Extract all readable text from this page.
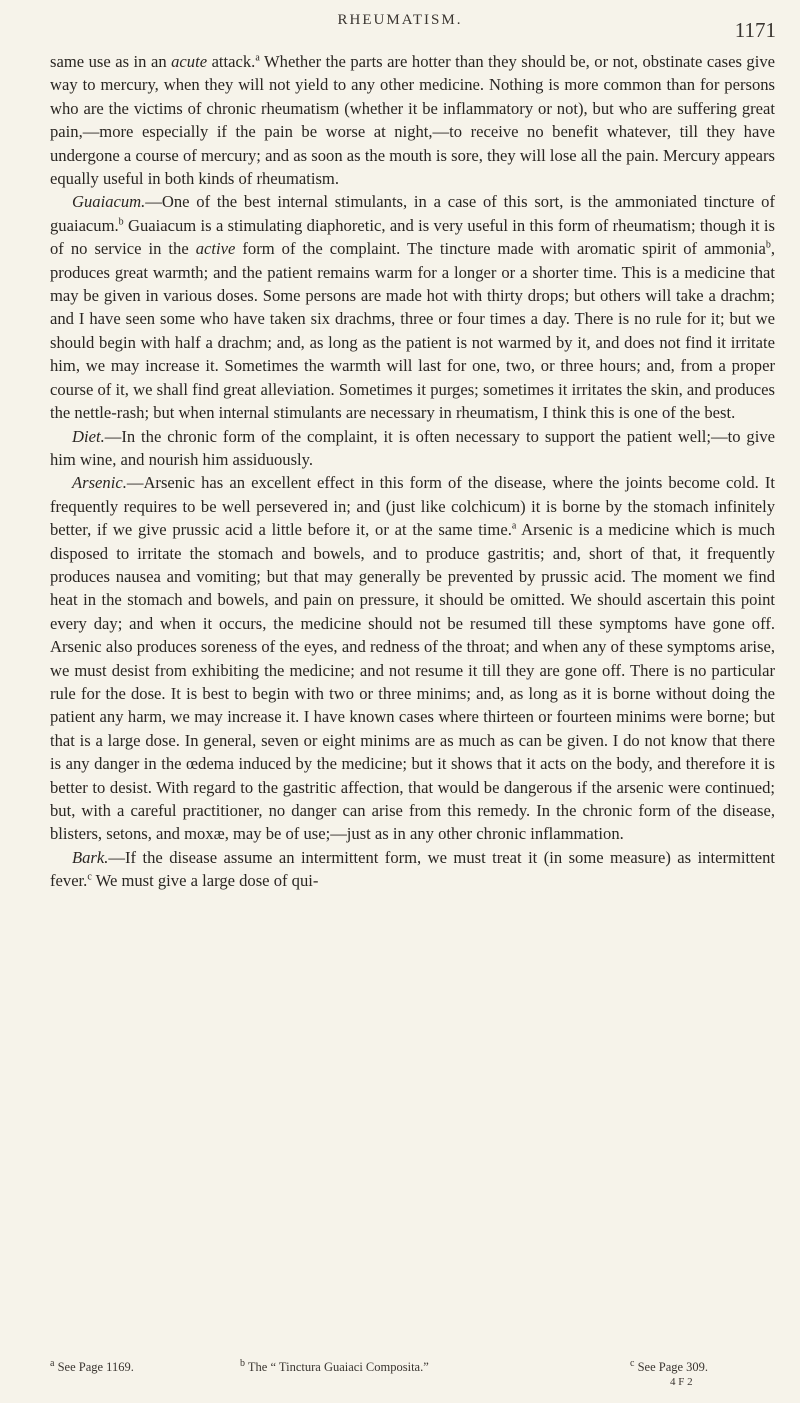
RHEUMATISM.	1171

same use as in an acute attack.$^a$ Whether the parts are hotter than they should be, or not, obstinate cases give way to mercury, when they will not yield to any other medicine. Nothing is more common than for persons who are the victims of chronic rheumatism (whether it be inflammatory or not), but who are suffering great pain,—more especially if the pain be worse at night,—to receive no benefit whatever, till they have undergone a course of mercury; and as soon as the mouth is sore, they will lose all the pain. Mercury appears equally useful in both kinds of rheumatism.

Guaiacum.—One of the best internal stimulants, in a case of this sort, is the ammoniated tincture of guaiacum.$^b$ Guaiacum is a stimulating diaphoretic, and is very useful in this form of rheumatism; though it is of no service in the active form of the complaint. The tincture made with aromatic spirit of ammonia$^b$, produces great warmth; and the patient remains warm for a longer or a shorter time. This is a medicine that may be given in various doses. Some persons are made hot with thirty drops; but others will take a drachm; and I have seen some who have taken six drachms, three or four times a day. There is no rule for it; but we should begin with half a drachm; and, as long as the patient is not warmed by it, and does not find it irritate him, we may increase it. Sometimes the warmth will last for one, two, or three hours; and, from a proper course of it, we shall find great alleviation. Sometimes it purges; sometimes it irritates the skin, and produces the nettle-rash; but when internal stimulants are necessary in rheumatism, I think this is one of the best.

Diet.—In the chronic form of the complaint, it is often necessary to support the patient well;—to give him wine, and nourish him assiduously.

Arsenic.—Arsenic has an excellent effect in this form of the disease, where the joints become cold. It frequently requires to be well persevered in; and (just like colchicum) it is borne by the stomach infinitely better, if we give prussic acid a little before it, or at the same time.$^a$ Arsenic is a medicine which is much disposed to irritate the stomach and bowels, and to produce gastritis; and, short of that, it frequently produces nausea and vomiting; but that may generally be prevented by prussic acid. The moment we find heat in the stomach and bowels, and pain on pressure, it should be omitted. We should ascertain this point every day; and when it occurs, the medicine should not be resumed till these symptoms have gone off. Arsenic also produces soreness of the eyes, and redness of the throat; and when any of these symptoms arise, we must desist from exhibiting the medicine; and not resume it till they are gone off. There is no particular rule for the dose. It is best to begin with two or three minims; and, as long as it is borne without doing the patient any harm, we may increase it. I have known cases where thirteen or fourteen minims were borne; but that is a large dose. In general, seven or eight minims are as much as can be given. I do not know that there is any danger in the œdema induced by the medicine; but it shows that it acts on the body, and therefore it is better to desist. With regard to the gastritic affection, that would be dangerous if the arsenic were continued; but, with a careful practitioner, no danger can arise from this remedy. In the chronic form of the disease, blisters, setons, and moxæ, may be of use;—just as in any other chronic inflammation.

Bark.—If the disease assume an intermittent form, we must treat it (in some measure) as intermittent fever.$^c$ We must give a large dose of qui-

$^a$ See Page 1169.	$^b$ The “ Tinctura Guaiaci Composita.”	$^c$ See Page 309.
4 F 2
